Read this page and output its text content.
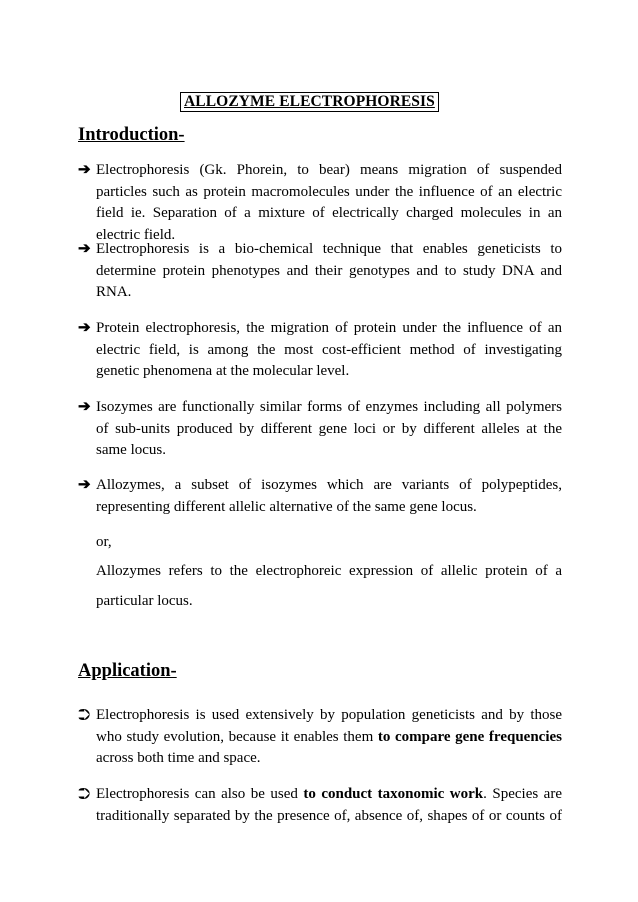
ALLOZYME ELECTROPHORESIS
Introduction-
➔ Electrophoresis (Gk. Phorein, to bear) means migration of suspended particles such as protein macromolecules under the influence of an electric field ie. Separation of a mixture of electrically charged molecules in an electric field.
➔ Electrophoresis is a bio-chemical technique that enables geneticists to determine protein phenotypes and their genotypes and to study DNA and RNA.
➔ Protein electrophoresis, the migration of protein under the influence of an electric field, is among the most cost-efficient method of investigating genetic phenomena at the molecular level.
➔ Isozymes are functionally similar forms of enzymes including all polymers of sub-units produced by different gene loci or by different alleles at the same locus.
➔ Allozymes, a subset of isozymes which are variants of polypeptides, representing different allelic alternative of the same gene locus.
or,
Allozymes refers to the electrophoreic expression of allelic protein of a particular locus.
Application-
⮊ Electrophoresis is used extensively by population geneticists and by those who study evolution, because it enables them to compare gene frequencies across both time and space.
⮊ Electrophoresis can also be used to conduct taxonomic work. Species are traditionally separated by the presence of, absence of, shapes of or counts of
